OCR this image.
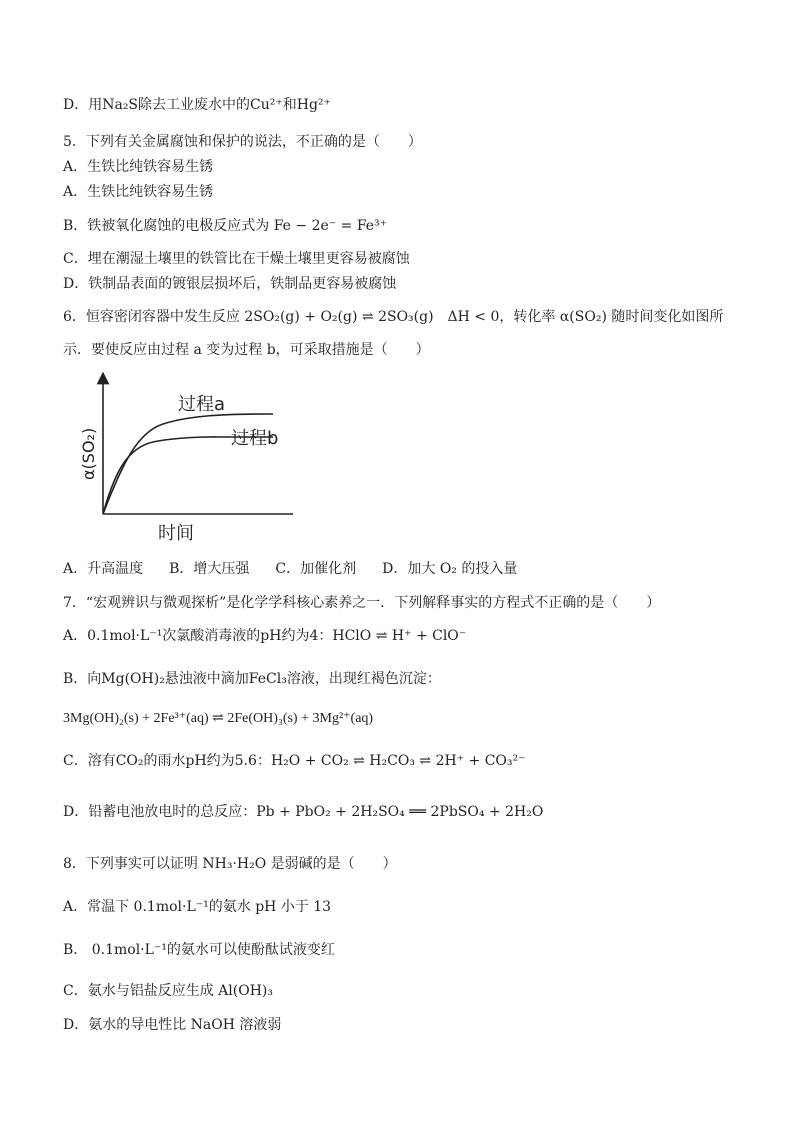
D．用Na₂S除去工业废水中的Cu²⁺和Hg²⁺
5．下列有关金属腐蚀和保护的说法，不正确的是（　　）
A．生铁比纯铁容易生锈
A．生铁比纯铁容易生锈
B．铁被氧化腐蚀的电极反应式为 Fe − 2e⁻ = Fe³⁺
C．埋在潮湿土壤里的铁管比在干燥土壤里更容易被腐蚀
D．铁制品表面的镀银层损坏后，铁制品更容易被腐蚀
6．恒容密闭容器中发生反应 2SO₂(g) + O₂(g) ⇌ 2SO₃(g)　ΔH < 0，转化率 α(SO₂) 随时间变化如图所
示．要使反应由过程 a 变为过程 b，可采取措施是（　　）
过程a
过程b
时间
α(SO₂)
A．升高温度 B．增大压强 C．加催化剂 D．加大 O₂ 的投入量
7．“宏观辨识与微观探析”是化学学科核心素养之一．下列解释事实的方程式不正确的是（　　）
A．0.1mol·L⁻¹次氯酸消毒液的pH约为4：HClO ⇌ H⁺ + ClO⁻
B．向Mg(OH)₂悬浊液中滴加FeCl₃溶液，出现红褐色沉淀：
3Mg(OH)₂(s) + 2Fe³⁺(aq) ⇌ 2Fe(OH)₃(s) + 3Mg²⁺(aq)
C．溶有CO₂的雨水pH约为5.6：H₂O + CO₂ ⇌ H₂CO₃ ⇌ 2H⁺ + CO₃²⁻
D．铅蓄电池放电时的总反应：Pb + PbO₂ + 2H₂SO₄ ══ 2PbSO₄ + 2H₂O
8．下列事实可以证明 NH₃·H₂O 是弱碱的是（　　）
A．常温下 0.1mol·L⁻¹的氨水 pH 小于 13
B． 0.1mol·L⁻¹的氨水可以使酚酞试液变红
C．氨水与铝盐反应生成 Al(OH)₃
D．氨水的导电性比 NaOH 溶液弱
